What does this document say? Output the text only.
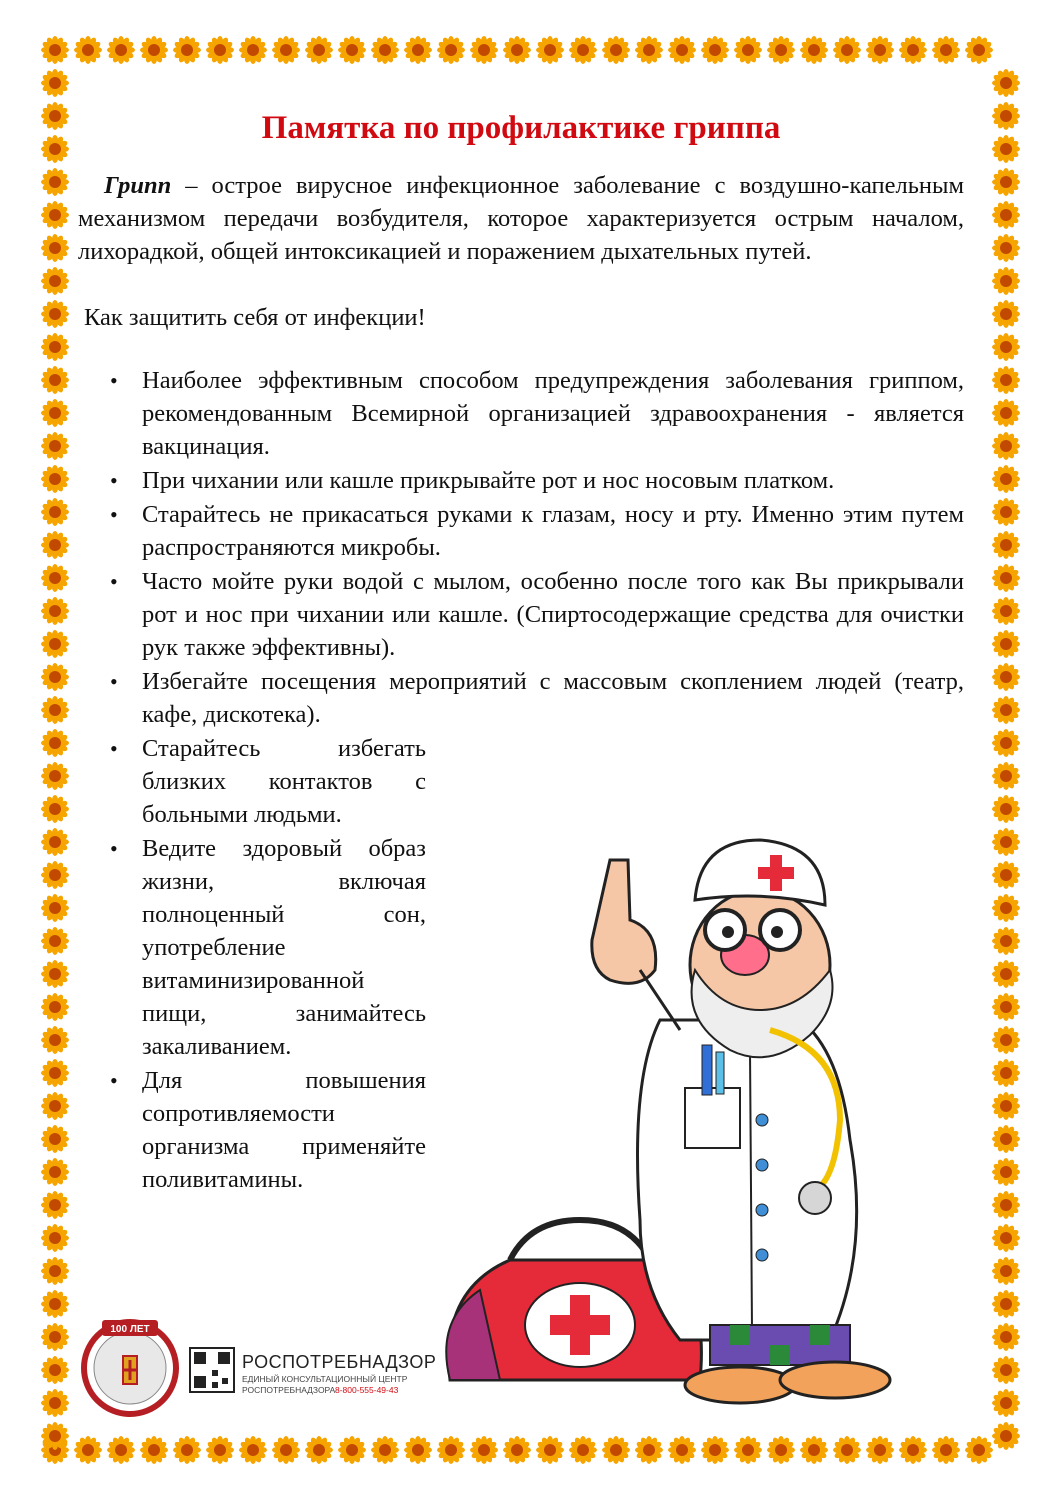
Памятка по профилактике гриппа

Грипп – острое вирусное инфекционное заболевание с воздушно-капельным механизмом передачи возбудителя, которое характеризуется острым началом, лихорадкой, общей интоксикацией и поражением дыхательных путей.

Как защитить себя от инфекции!
• Наиболее эффективным способом предупреждения заболевания гриппом, рекомендованным Всемирной организацией здравоохранения - является вакцинация.
• При чихании или кашле прикрывайте рот и нос носовым платком.
• Старайтесь не прикасаться руками к глазам, носу и рту. Именно этим путем распространяются микробы.
• Часто мойте руки водой с мылом, особенно после того как Вы прикрывали рот и нос при чихании или кашле. (Спиртосодержащие средства для очистки рук также эффективны).
• Избегайте посещения мероприятий с массовым скоплением людей (театр, кафе, дискотека).
• Старайтесь избегать близких контактов с больными людьми.
• Ведите здоровый образ жизни, включая полноценный сон, употребление витаминизированной пищи, занимайтесь закаливанием.
• Для повышения сопротивляемости организма применяйте поливитамины.
100 ЛЕТ
РОСПОТРЕБНАДЗОР
ЕДИНЫЙ КОНСУЛЬТАЦИОННЫЙ ЦЕНТР
РОСПОТРЕБНАДЗОРА 8-800-555-49-43
